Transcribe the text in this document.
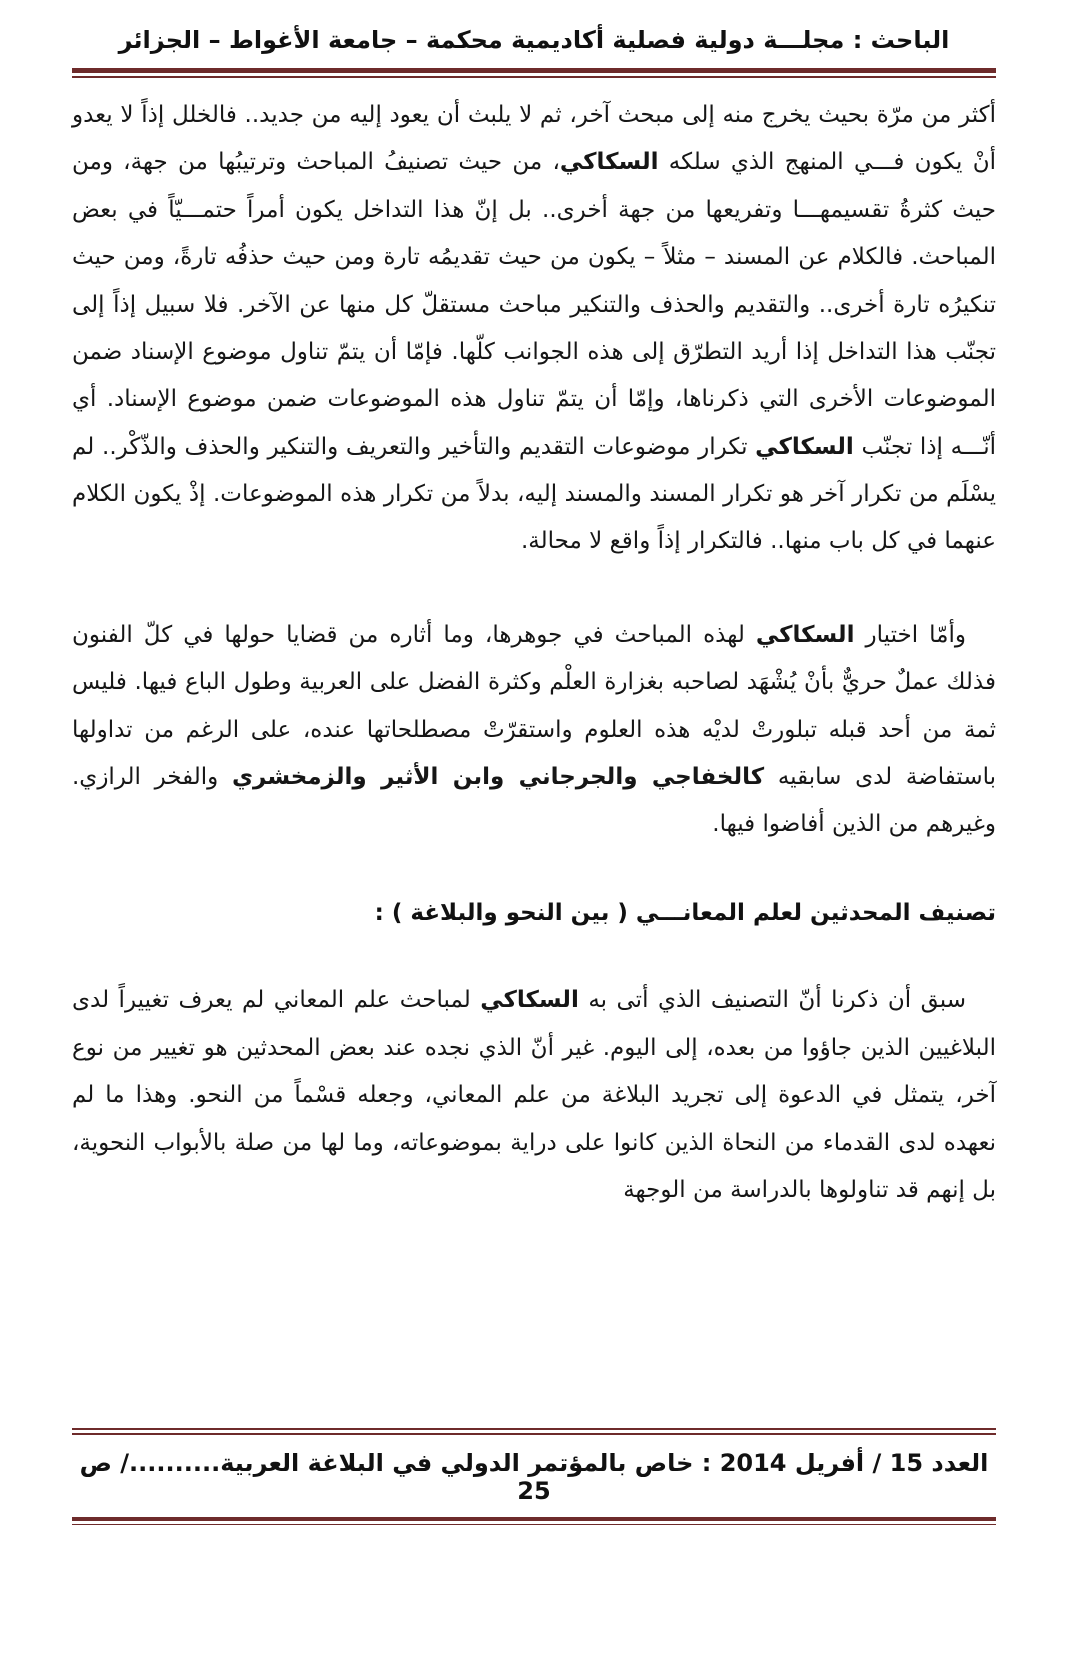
الباحث : مجلـــة دولية فصلية أكاديمية محكمة – جامعة الأغواط – الجزائر

أكثر من مرّة بحيث يخرج منه إلى مبحث آخر، ثم لا يلبث أن يعود إليه من جديد.. فالخلل إذاً لا يعدو أنْ يكون فـــي المنهج الذي سلكه السكاكي، من حيث تصنيفُ المباحث وترتيبُها من جهة، ومن حيث كثرةُ تقسيمهـــا وتفريعها من جهة أخرى.. بل إنّ هذا التداخل يكون أمراً حتمـــيّاً في بعض المباحث. فالكلام عن المسند – مثلاً – يكون من حيث تقديمُه تارة ومن حيث حذفُه تارةً، ومن حيث تنكيرُه تارة أخرى.. والتقديم والحذف والتنكير مباحث مستقلّ كل منها عن الآخر. فلا سبيل إذاً إلى تجنّب هذا التداخل إذا أريد التطرّق إلى هذه الجوانب كلّها. فإمّا أن يتمّ تناول موضوع الإسناد ضمن الموضوعات الأخرى التي ذكرناها، وإمّا أن يتمّ تناول هذه الموضوعات ضمن موضوع الإسناد. أي أنّـــه إذا تجنّب السكاكي تكرار موضوعات التقديم والتأخير والتعريف والتنكير والحذف والذّكْر.. لم يسْلَم من تكرار آخر هو تكرار المسند والمسند إليه، بدلاً من تكرار هذه الموضوعات. إذْ يكون الكلام عنهما في كل باب منها.. فالتكرار إذاً واقع لا محالة.

وأمّا اختيار السكاكي لهذه المباحث في جوهرها، وما أثاره من قضايا حولها في كلّ الفنون فذلك عملٌ حريٌّ بأنْ يُشْهَد لصاحبه بغزارة العلْم وكثرة الفضل على العربية وطول الباع فيها. فليس ثمة من أحد قبله تبلورتْ لديْه هذه العلوم واستقرّتْ مصطلحاتها عنده، على الرغم من تداولها باستفاضة لدى سابقيه كالخفاجي والجرجاني وابن الأثير والزمخشري والفخر الرازي. وغيرهم من الذين أفاضوا فيها.

تصنيف المحدثين لعلم المعانـــي ( بين النحو والبلاغة ) :

سبق أن ذكرنا أنّ التصنيف الذي أتى به السكاكي لمباحث علم المعاني لم يعرف تغييراً لدى البلاغيين الذين جاؤوا من بعده، إلى اليوم. غير أنّ الذي نجده عند بعض المحدثين هو تغيير من نوع آخر، يتمثل في الدعوة إلى تجريد البلاغة من علم المعاني، وجعله قسْماً من النحو. وهذا ما لم نعهده لدى القدماء من النحاة الذين كانوا على دراية بموضوعاته، وما لها من صلة بالأبواب النحوية، بل إنهم قد تناولوها بالدراسة من الوجهة

العدد 15 / أفريل 2014 : خاص بالمؤتمر الدولي في البلاغة العربية........../ ص 25
